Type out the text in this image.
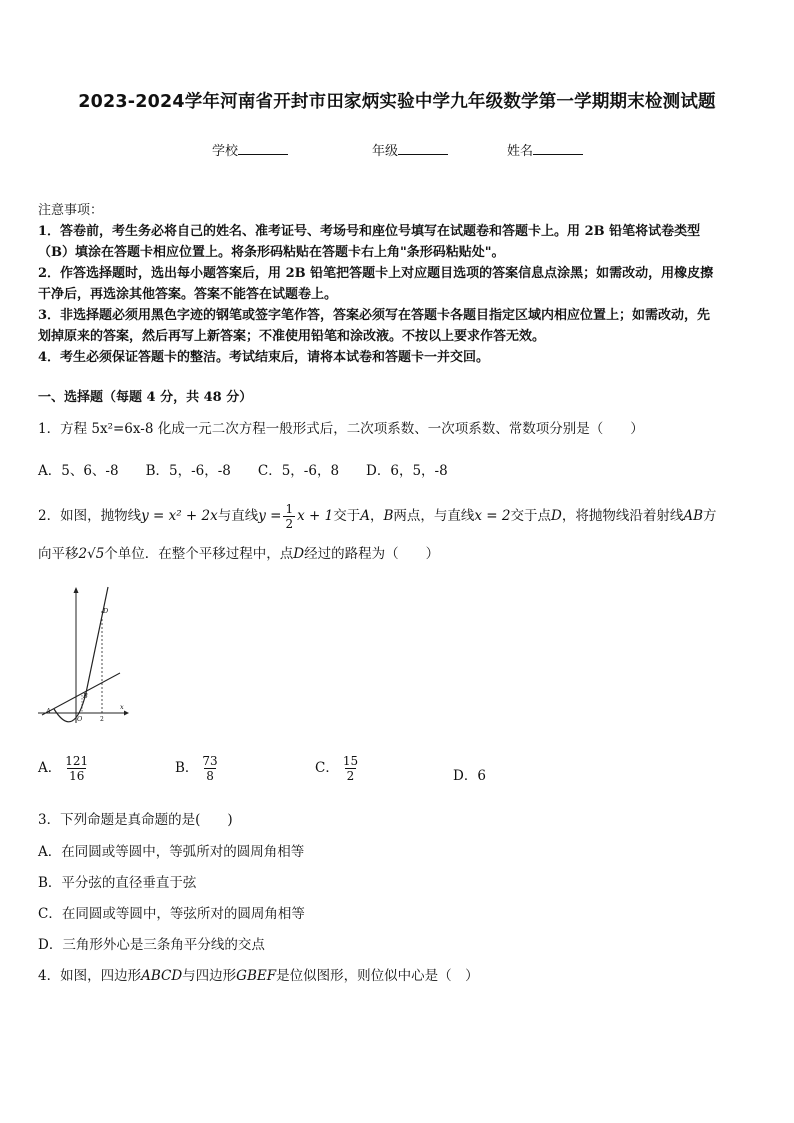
2023-2024学年河南省开封市田家炳实验中学九年级数学第一学期期末检测试题
学校	年级	姓名
注意事项：
1．答卷前，考生务必将自己的姓名、准考证号、考场号和座位号填写在试题卷和答题卡上。用 2B 铅笔将试卷类型
（B）填涂在答题卡相应位置上。将条形码粘贴在答题卡右上角"条形码粘贴处"。
2．作答选择题时，选出每小题答案后，用 2B 铅笔把答题卡上对应题目选项的答案信息点涂黑；如需改动，用橡皮擦
干净后，再选涂其他答案。答案不能答在试题卷上。
3．非选择题必须用黑色字迹的钢笔或签字笔作答，答案必须写在答题卡各题目指定区域内相应位置上；如需改动，先
划掉原来的答案，然后再写上新答案；不准使用铅笔和涂改液。不按以上要求作答无效。
4．考生必须保证答题卡的整洁。考试结束后，请将本试卷和答题卡一并交回。
一、选择题（每题 4 分，共 48 分）
1．方程 5x²=6x-8 化成一元二次方程一般形式后，二次项系数、一次项系数、常数项分别是（　　）
A．5、6、-8　　B．5，-6，-8　　C．5，-6，8　　D．6，5，-8
2．如图，抛物线y = x² + 2x与直线$y = \frac{1}{2}$ x + 1交于A，B两点，与直线x = 2交于点D，将抛物线沿着射线AB方
向平移2√5个单位．在整个平移过程中，点D经过的路程为（　　）
A
O
B
D
2
x
A． $\frac{121}{16}$	B． $\frac{73}{8}$	C． $\frac{15}{2}$	D．6
3．下列命题是真命题的是(　　)
A．在同圆或等圆中，等弧所对的圆周角相等
B．平分弦的直径垂直于弦
C．在同圆或等圆中，等弦所对的圆周角相等
D．三角形外心是三条角平分线的交点
4．如图，四边形ABCD与四边形GBEF是位似图形，则位似中心是（　）
